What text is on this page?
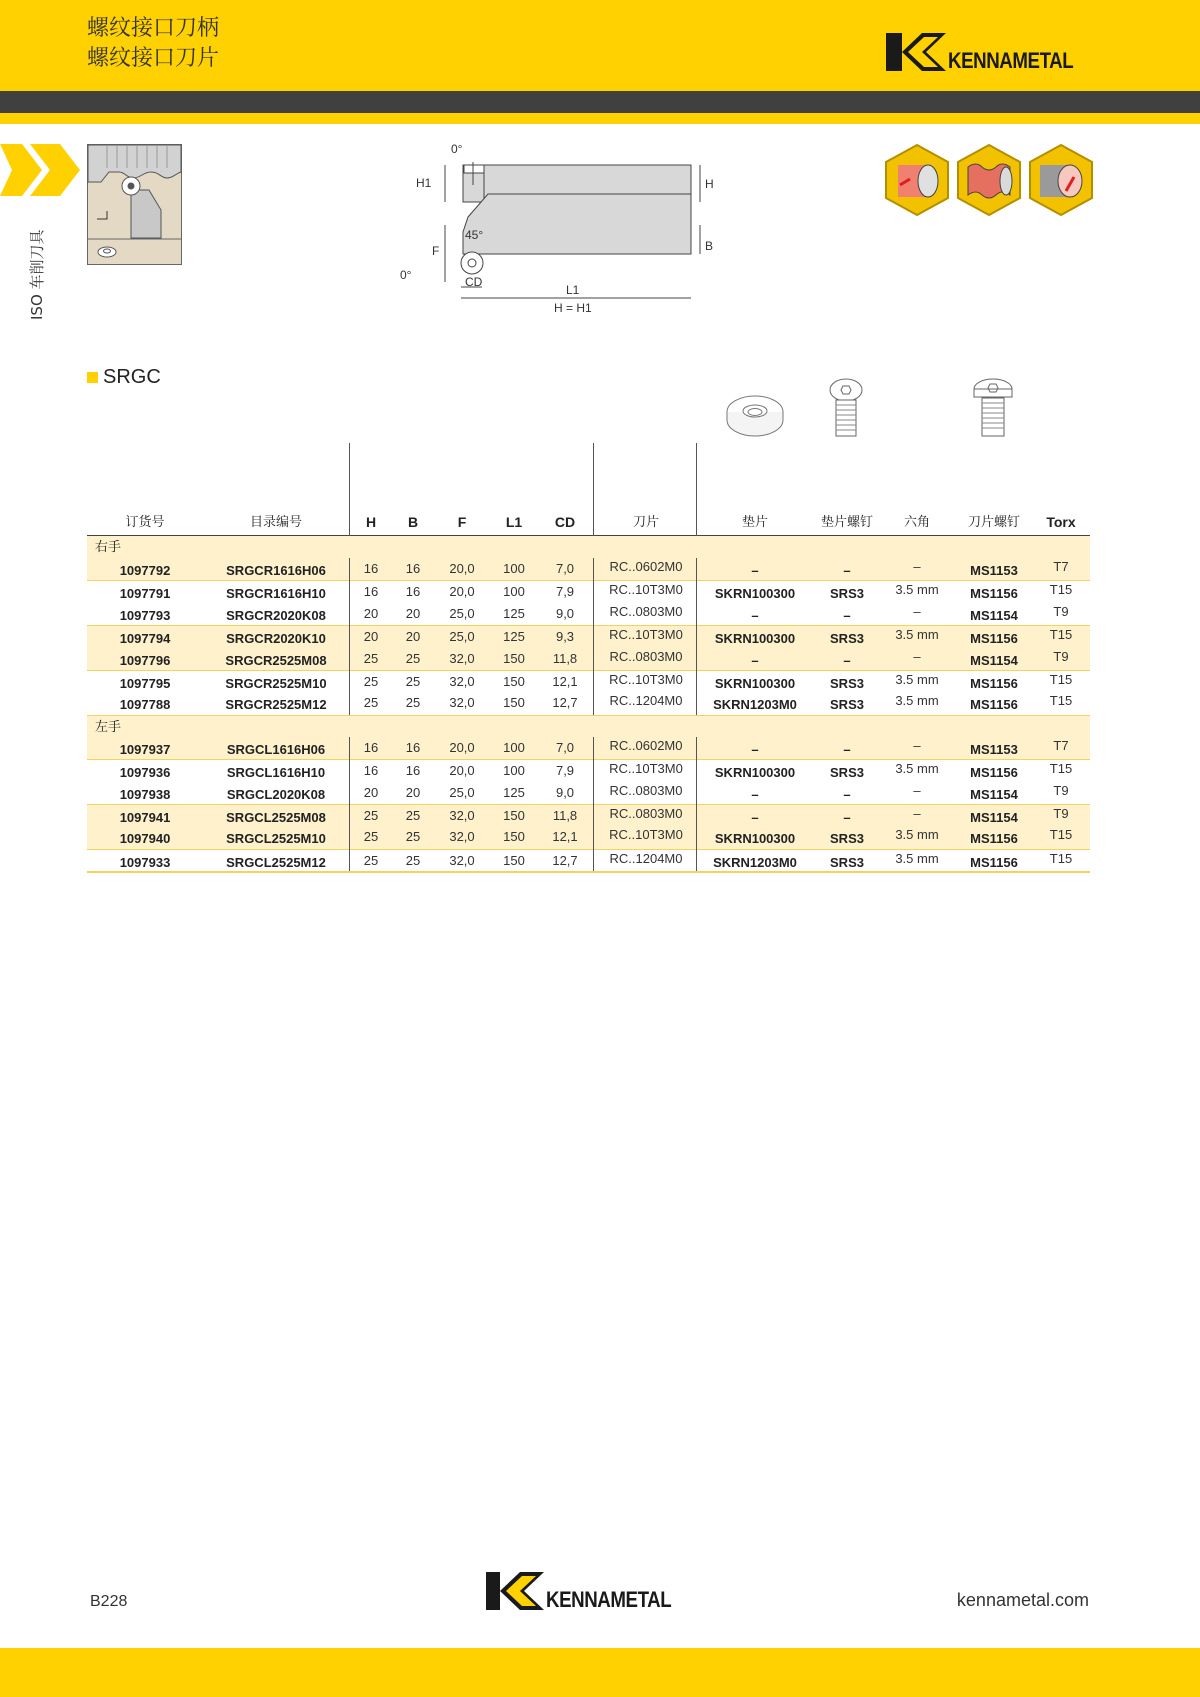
螺纹接口刀柄
螺纹接口刀片	KENNAMETAL
ISO 车削刀具
0°
H1	H
45°
F	B
0°	CD
L1
H = H1
SRGC
订货号	目录编号	H B	F	L1 CD	刀片	垫片	垫片螺钉 六角	刀片螺钉 Torx
右手
1097792	SRGCR1616H06	16 16 20,0 100 7,0	RC..0602M0	–	–	–	MS1153	T7
1097791	SRGCR1616H10	16 16 20,0 100 7,9	RC..10T3M0 SKRN100300	SRS3 3.5 mm MS1156 T15
1097793	SRGCR2020K08	20 20 25,0 125 9,0	RC..0803M0	–	–	–	MS1154	T9
1097794	SRGCR2020K10	20 20 25,0 125 9,3	RC..10T3M0 SKRN100300	SRS3 3.5 mm MS1156 T15
1097796	SRGCR2525M08	25 25 32,0 150 11,8 RC..0803M0	–	–	–	MS1154	T9
1097795	SRGCR2525M10	25 25 32,0 150 12,1 RC..10T3M0 SKRN100300	SRS3 3.5 mm MS1156 T15
1097788	SRGCR2525M12	25 25 32,0 150 12,7 RC..1204M0 SKRN1203M0	SRS3 3.5 mm MS1156 T15
左手
1097937	SRGCL1616H06	16 16 20,0 100 7,0	RC..0602M0	–	–	–	MS1153	T7
1097936	SRGCL1616H10	16 16 20,0 100 7,9	RC..10T3M0 SKRN100300	SRS3 3.5 mm MS1156 T15
1097938	SRGCL2020K08	20 20 25,0 125 9,0	RC..0803M0	–	–	–	MS1154	T9
1097941	SRGCL2525M08	25 25 32,0 150 11,8 RC..0803M0	–	–	–	MS1154	T9
1097940	SRGCL2525M10	25 25 32,0 150 12,1 RC..10T3M0 SKRN100300	SRS3 3.5 mm MS1156 T15
1097933	SRGCL2525M12	25 25 32,0 150 12,7 RC..1204M0 SKRN1203M0	SRS3 3.5 mm MS1156 T15
B228	KENNAMETAL	kennametal.com
